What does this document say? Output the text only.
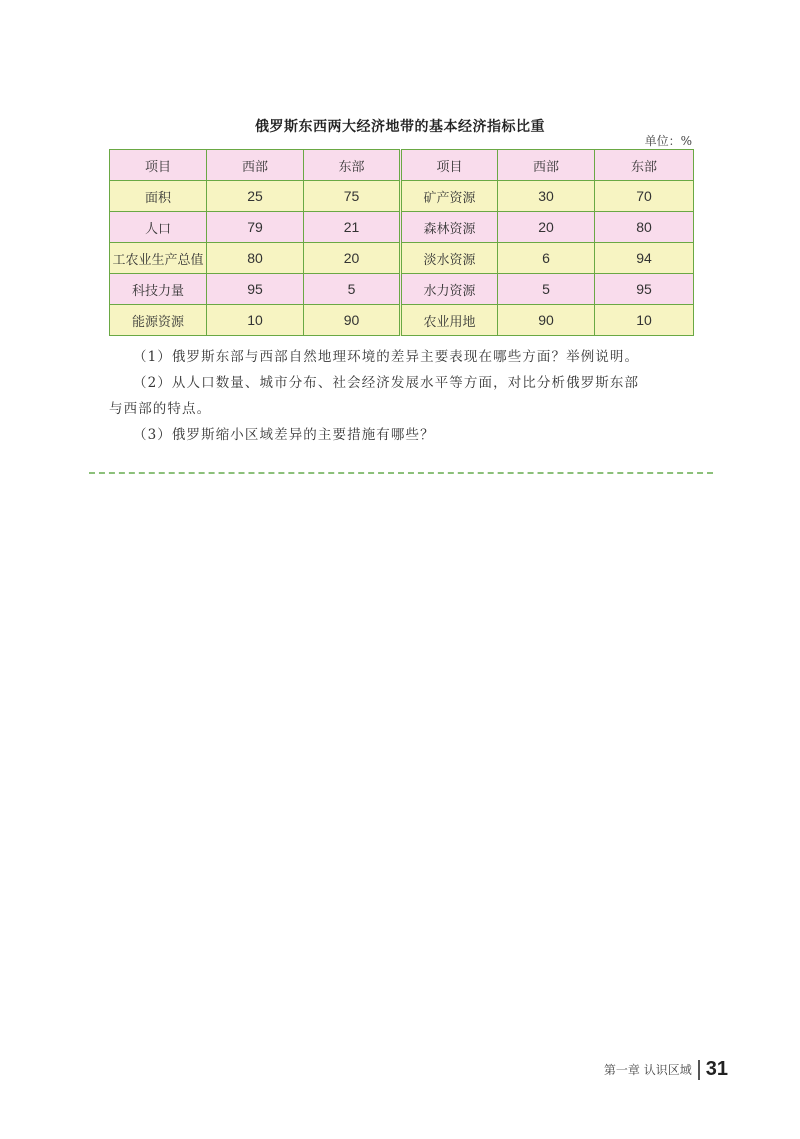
俄罗斯东西两大经济地带的基本经济指标比重
单位：%
项目	西部	东部	项目	西部	东部
面积	25	75	矿产资源	30	70
人口	79	21	森林资源	20	80
工农业生产总值	80	20	淡水资源	6	94
科技力量	95	5	水力资源	5	95
能源资源	10	90	农业用地	90	10

（1）俄罗斯东部与西部自然地理环境的差异主要表现在哪些方面？举例说明。

（2）从人口数量、城市分布、社会经济发展水平等方面，对比分析俄罗斯东部

与西部的特点。

（3）俄罗斯缩小区域差异的主要措施有哪些？

第一章 认识区域 31
